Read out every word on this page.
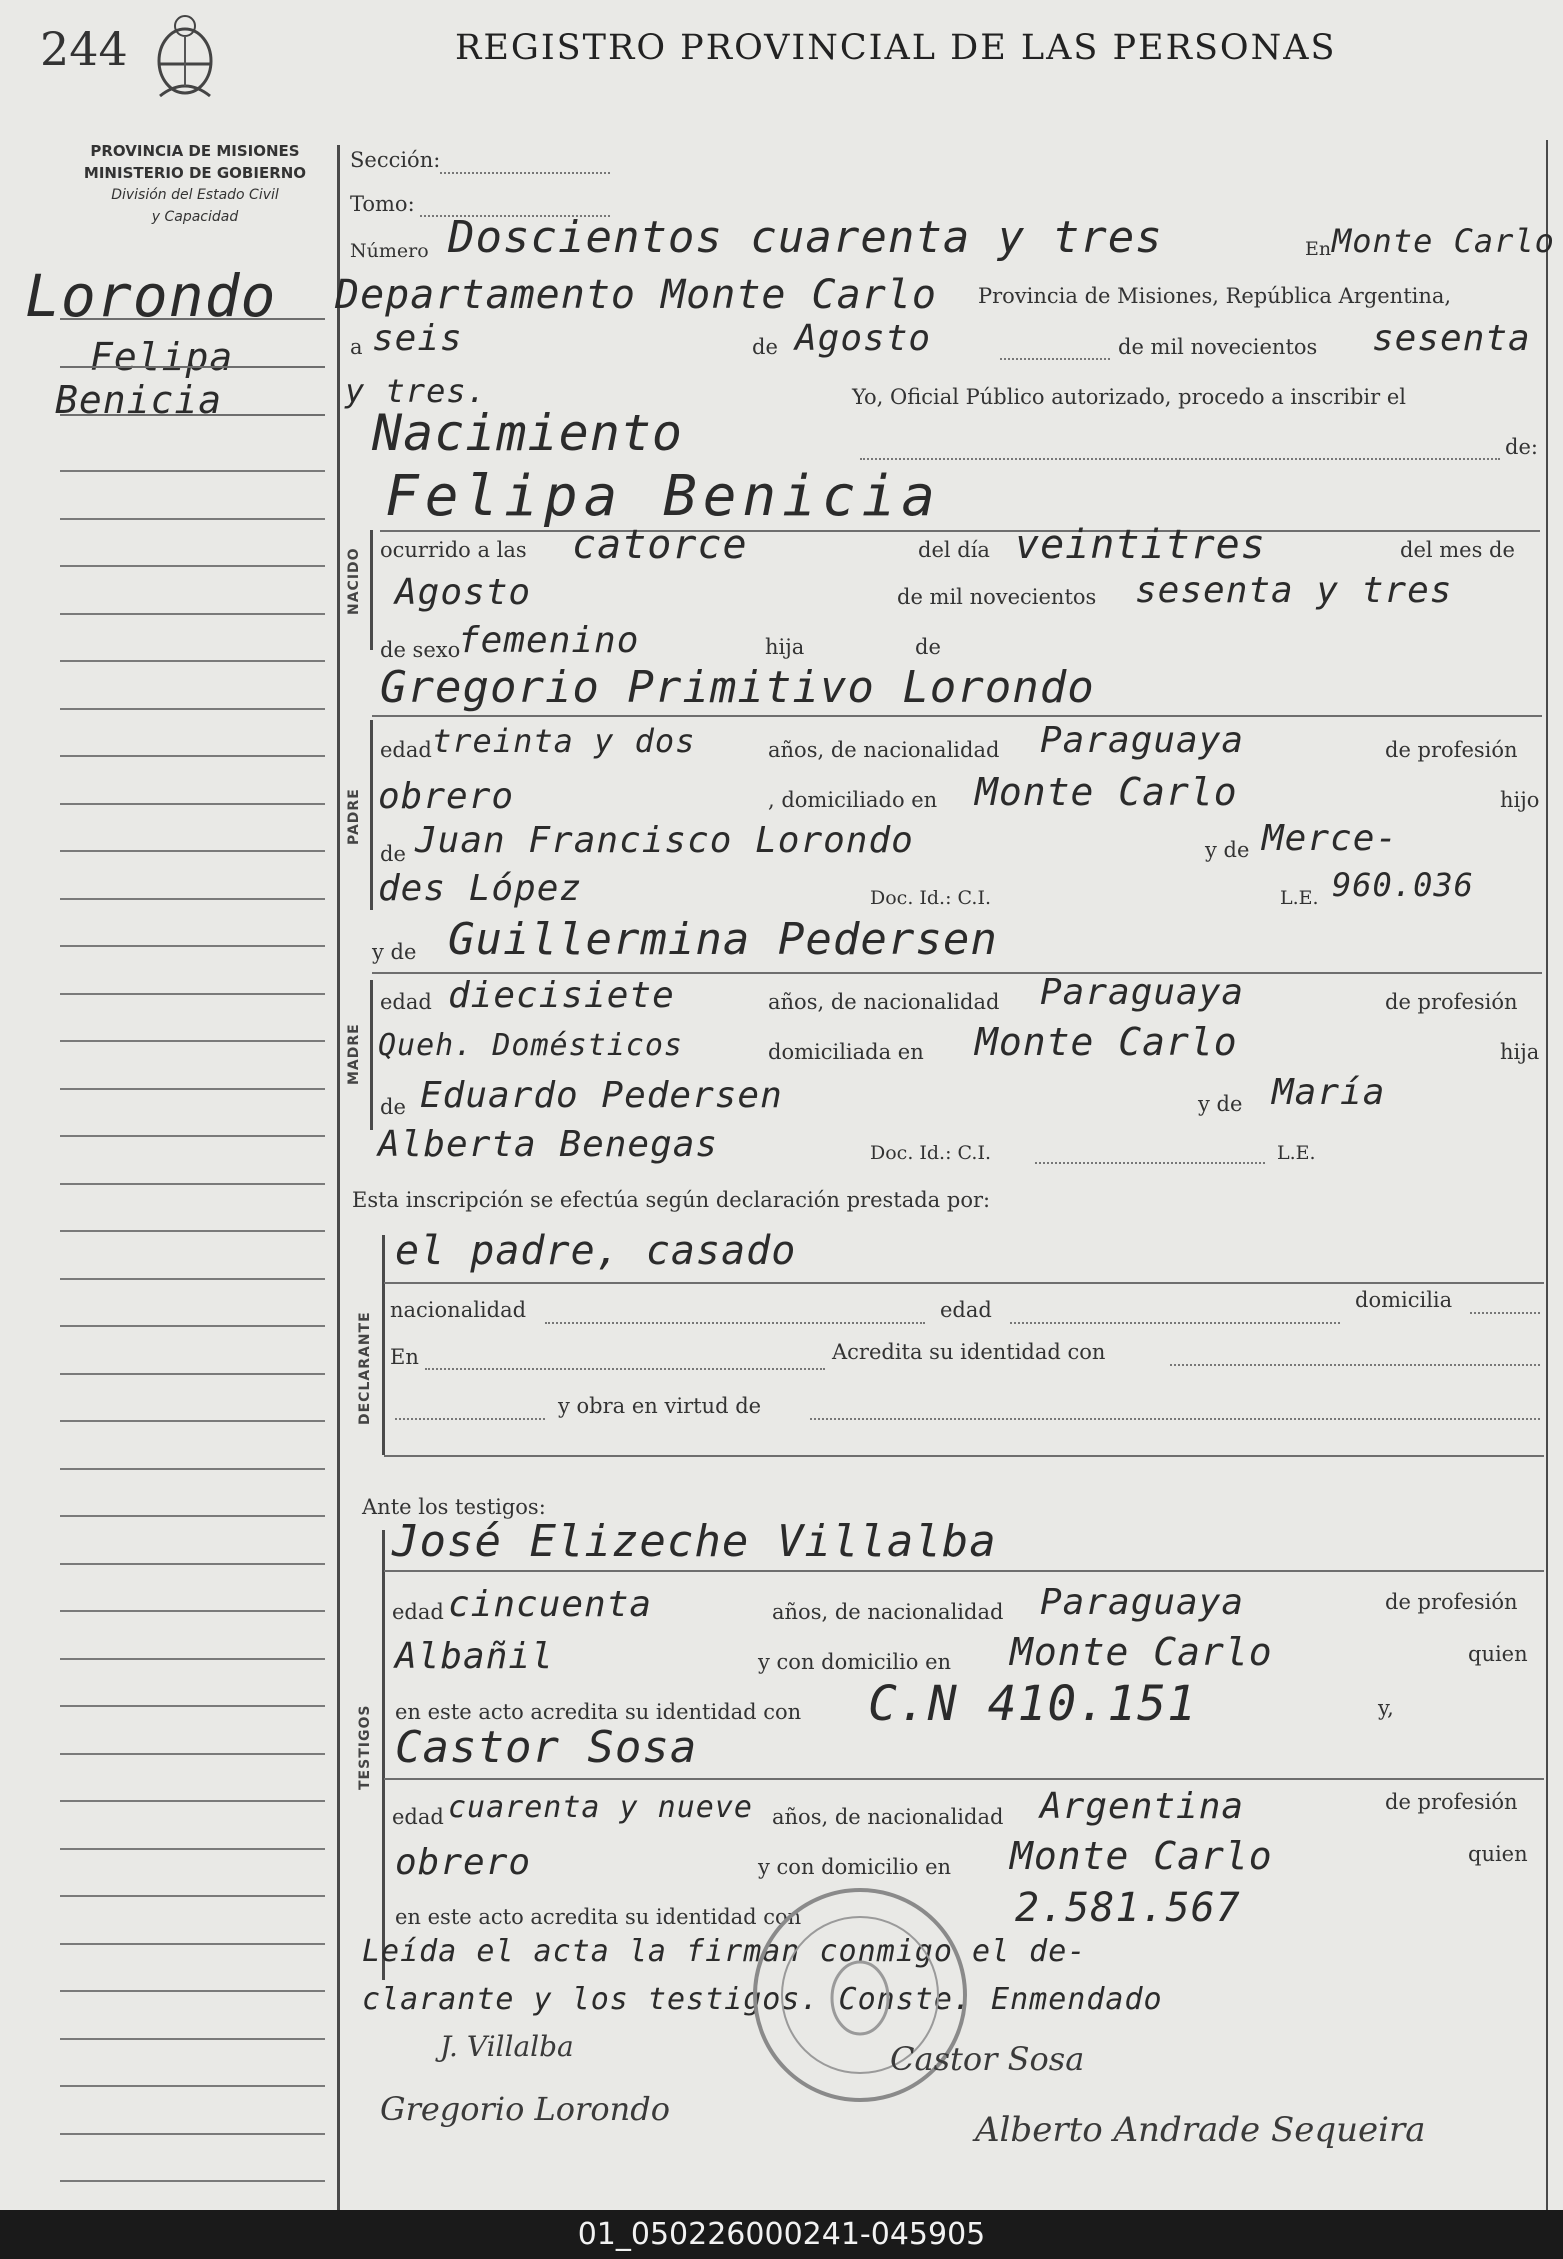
244	REGISTRO PROVINCIAL DE LAS PERSONAS
PROVINCIA DE MISIONES
MINISTERIO DE GOBIERNO
División del Estado Civil
y Capacidad
Lorondo
Felipa
Benicia
NACIDO
PADRE
MADRE
DECLARANTE
TESTIGOS
Sección:
Tomo:
Número Doscientos cuarenta y tres	En Monte Carlo
Departamento Monte Carlo Provincia de Misiones, República Argentina,
a seis	de Agosto	de mil novecientos sesenta
y tres.	Yo, Oficial Público autorizado, procedo a inscribir el
Nacimiento	de:
Felipa Benicia
ocurrido a las catorce	del día veintitres	del mes de
Agosto	de mil novecientos sesenta y tres
de sexo
femenino	hija	de
Gregorio Primitivo Lorondo
edad treinta y dos	años, de nacionalidad Paraguaya	de profesión
obrero	, domiciliado en Monte Carlo	hijo
de Juan Francisco Lorondo	y de Merce-
des López	Doc. Id.: C.I.	L.E. 960.036
y de Guillermina Pedersen
edad diecisiete	años, de nacionalidad Paraguaya	de profesión
Queh. Domésticos	domiciliada en Monte Carlo	hija
de Eduardo Pedersen	y de María
Alberta Benegas	Doc. Id.: C.I.	L.E.
Esta inscripción se efectúa según declaración prestada por:
el padre, casado
nacionalidad	edad	domicilia
En	Acredita su identidad con
y obra en virtud de
Ante los testigos:
José Elizeche Villalba
edad cincuenta	años, de nacionalidad Paraguaya	de profesión
Albañil	y con domicilio en Monte Carlo	quien
en este acto acredita su identidad con C.N 410.151	y,
Castor Sosa
edad cuarenta y nueve años, de nacionalidad Argentina	de profesión
obrero	y con domicilio en Monte Carlo	quien
en este acto acredita su identidad con	2.581.567
Leída el acta la firman conmigo el de-
clarante y los testigos. Conste. Enmendado
J. Villalba	Castor Sosa
Gregorio Lorondo
Alberto Andrade Sequeira
01_050226000241-045905
